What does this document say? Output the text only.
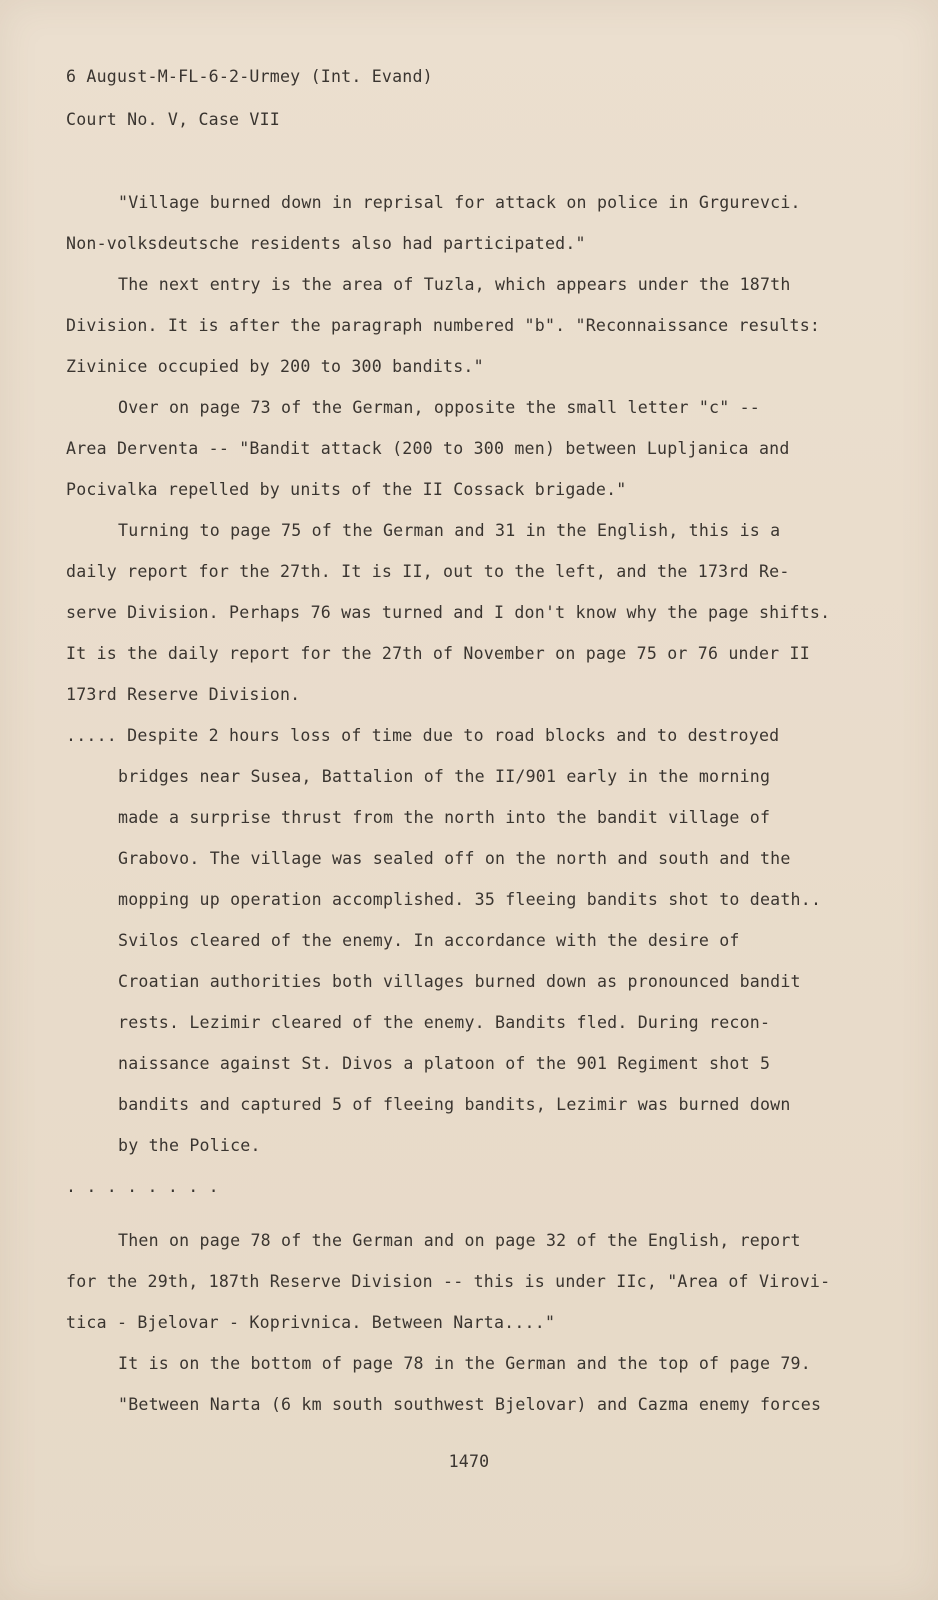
6 August-M-FL-6-2-Urmey (Int. Evand)
Court No. V, Case VII
"Village burned down in reprisal for attack on police in Grgurevci.
Non-volksdeutsche residents also had participated."
The next entry is the area of Tuzla, which appears under the 187th
Division. It is after the paragraph numbered "b". "Reconnaissance results:
Zivinice occupied by 200 to 300 bandits."
Over on page 73 of the German, opposite the small letter "c" --
Area Derventa -- "Bandit attack (200 to 300 men) between Lupljanica and
Pocivalka repelled by units of the II Cossack brigade."
Turning to page 75 of the German and 31 in the English, this is a
daily report for the 27th. It is II, out to the left, and the 173rd Re-
serve Division. Perhaps 76 was turned and I don't know why the page shifts.
It is the daily report for the 27th of November on page 75 or 76 under II
173rd Reserve Division.
..... Despite 2 hours loss of time due to road blocks and to destroyed
bridges near Susea, Battalion of the II/901 early in the morning
made a surprise thrust from the north into the bandit village of
Grabovo. The village was sealed off on the north and south and the
mopping up operation accomplished. 35 fleeing bandits shot to death..
Svilos cleared of the enemy. In accordance with the desire of
Croatian authorities both villages burned down as pronounced bandit
rests. Lezimir cleared of the enemy. Bandits fled. During recon-
naissance against St. Divos a platoon of the 901 Regiment shot 5
bandits and captured 5 of fleeing bandits, Lezimir was burned down
by the Police.
. . . . . . . .
Then on page 78 of the German and on page 32 of the English, report
for the 29th, 187th Reserve Division -- this is under IIc, "Area of Virovi-
tica - Bjelovar - Koprivnica. Between Narta...."
It is on the bottom of page 78 in the German and the top of page 79.
"Between Narta (6 km south southwest Bjelovar) and Cazma enemy forces
1470
